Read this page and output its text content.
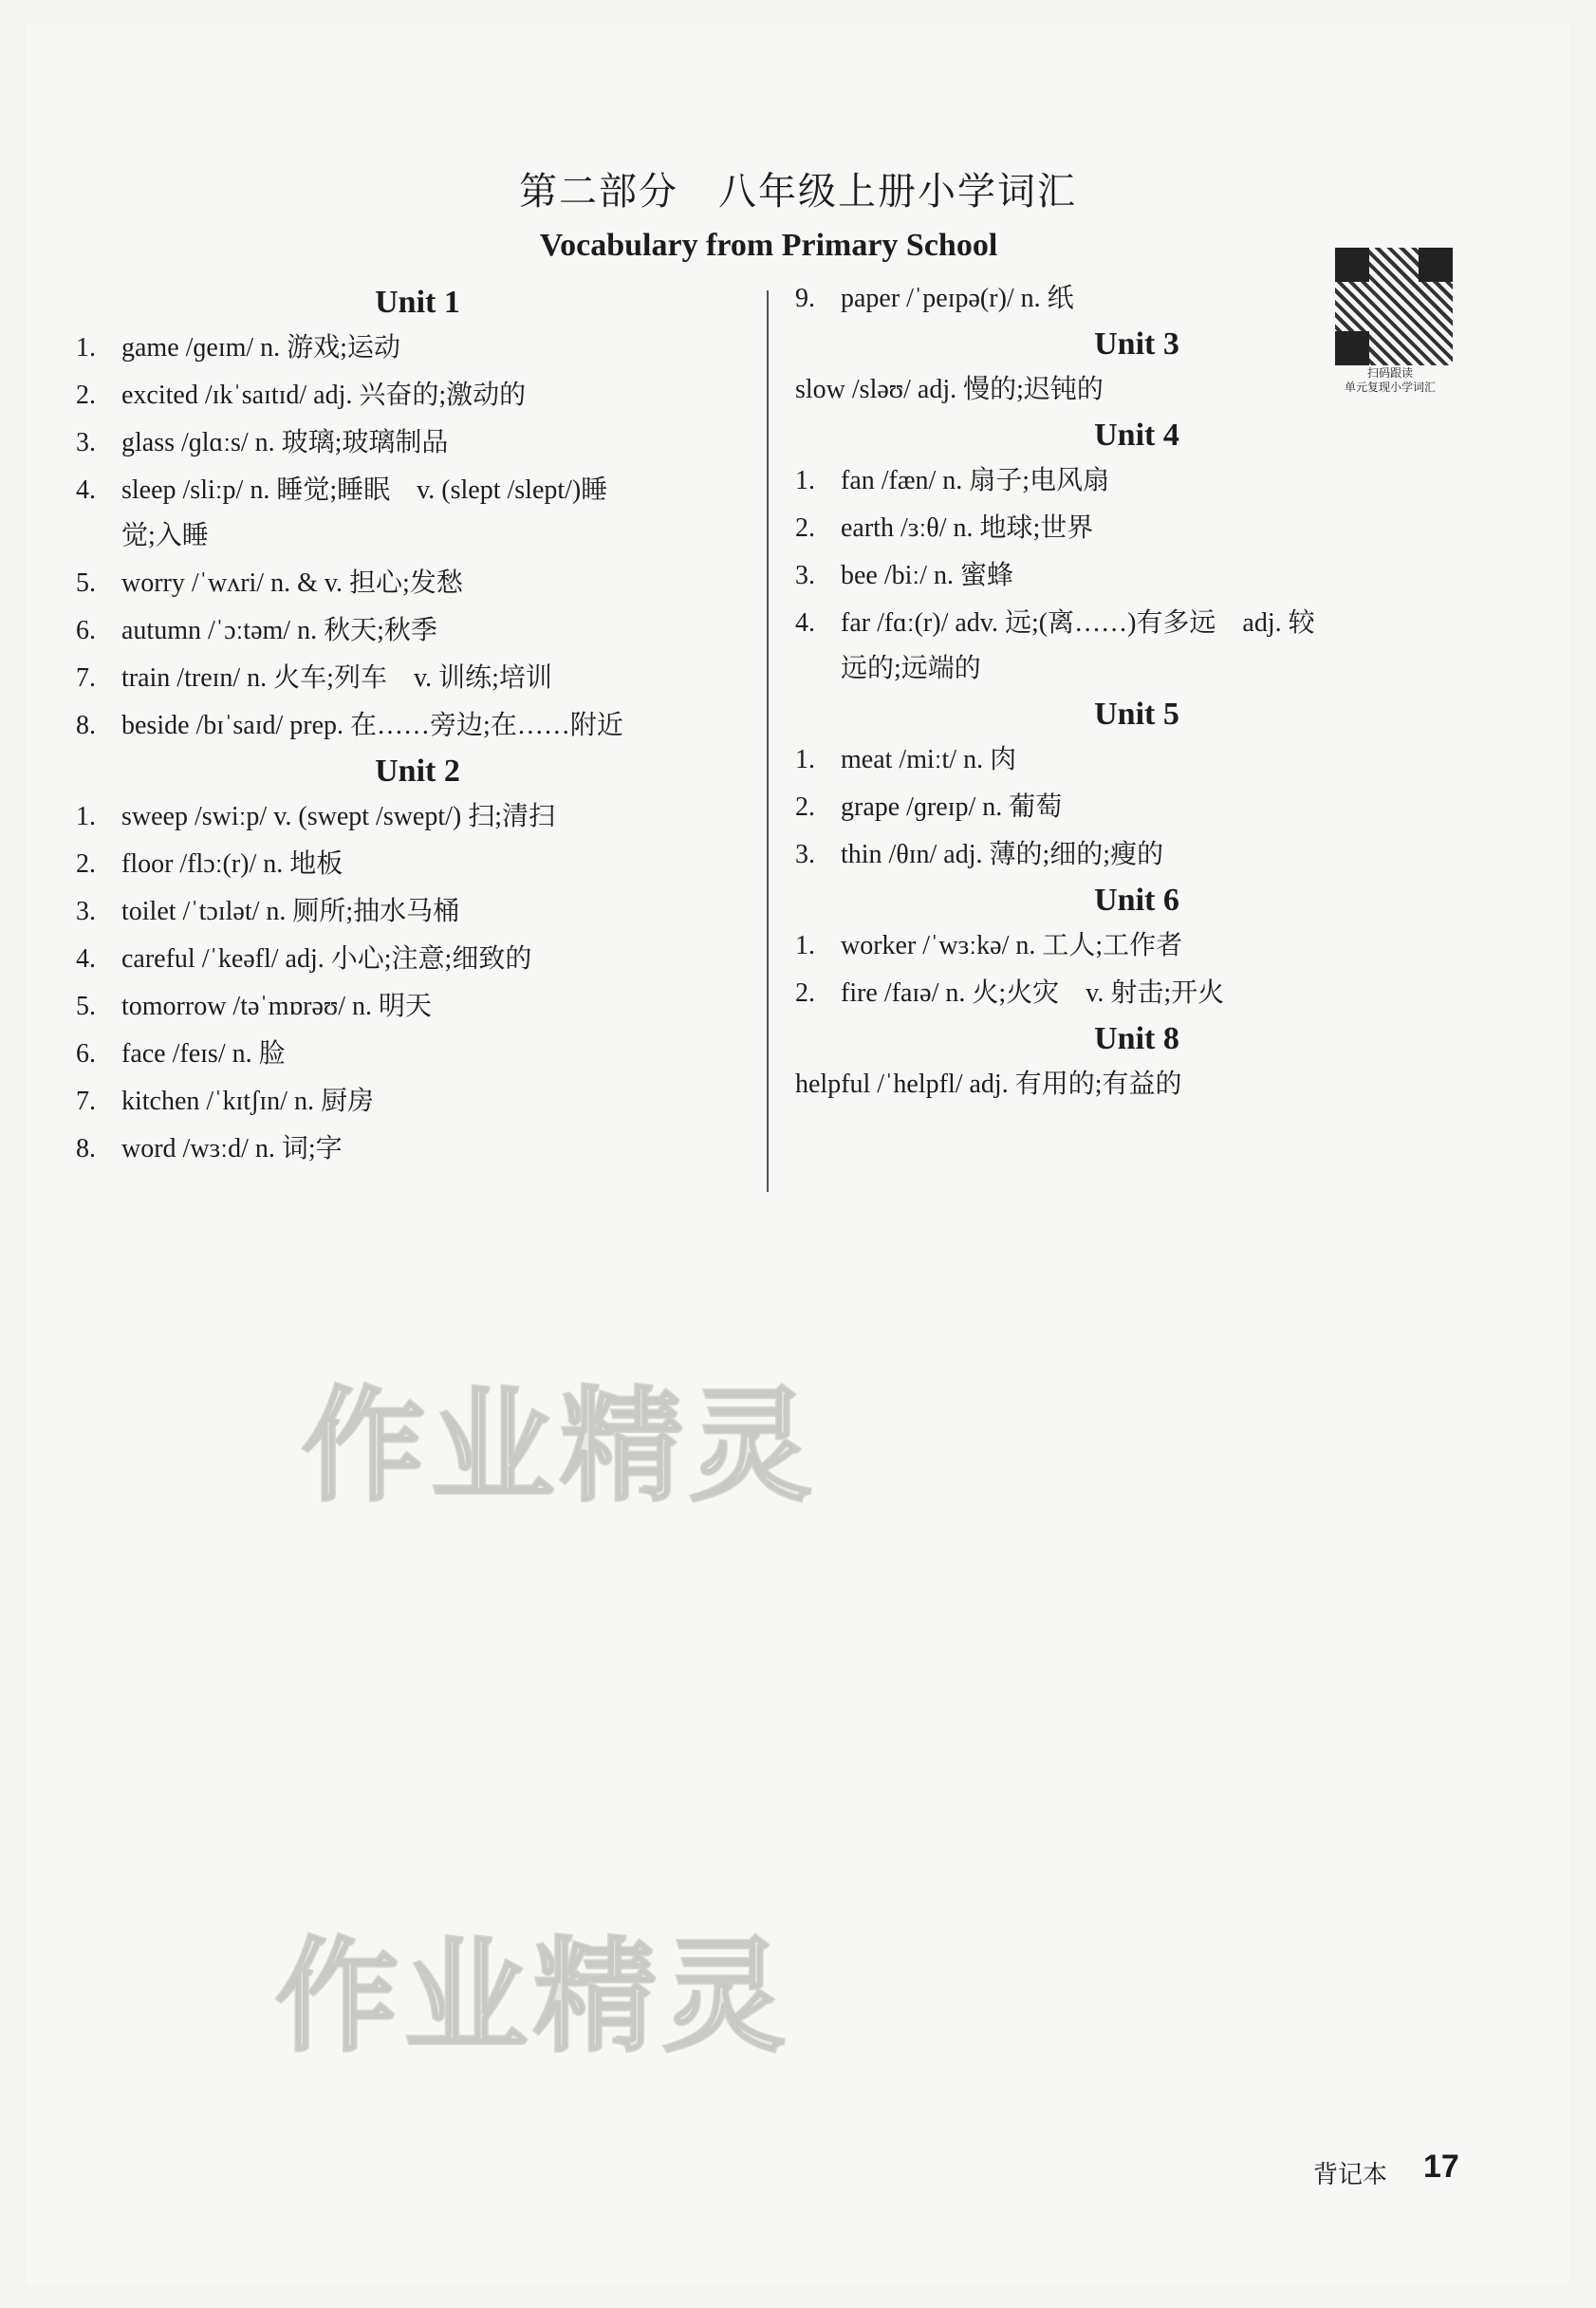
第二部分　八年级上册小学词汇
Vocabulary from Primary School
扫码跟读
单元复现小学词汇
Unit 1
1. game /ɡeɪm/ n. 游戏;运动
2. excited /ɪkˈsaɪtɪd/ adj. 兴奋的;激动的
3. glass /ɡlɑːs/ n. 玻璃;玻璃制品
4. sleep /sliːp/ n. 睡觉;睡眠　v. (slept /slept/)睡
觉;入睡
5. worry /ˈwʌri/ n. & v. 担心;发愁
6. autumn /ˈɔːtəm/ n. 秋天;秋季
7. train /treɪn/ n. 火车;列车　v. 训练;培训
8. beside /bɪˈsaɪd/ prep. 在……旁边;在……附近
Unit 2
1. sweep /swiːp/ v. (swept /swept/) 扫;清扫
2. floor /flɔː(r)/ n. 地板
3. toilet /ˈtɔɪlət/ n. 厕所;抽水马桶
4. careful /ˈkeəfl/ adj. 小心;注意;细致的
5. tomorrow /təˈmɒrəʊ/ n. 明天
6. face /feɪs/ n. 脸
7. kitchen /ˈkɪtʃɪn/ n. 厨房
8. word /wɜːd/ n. 词;字
9. paper /ˈpeɪpə(r)/ n. 纸
Unit 3
slow /sləʊ/ adj. 慢的;迟钝的
Unit 4
1. fan /fæn/ n. 扇子;电风扇
2. earth /ɜːθ/ n. 地球;世界
3. bee /biː/ n. 蜜蜂
4. far /fɑː(r)/ adv. 远;(离……)有多远　adj. 较
远的;远端的
Unit 5
1. meat /miːt/ n. 肉
2. grape /ɡreɪp/ n. 葡萄
3. thin /θɪn/ adj. 薄的;细的;瘦的
Unit 6
1. worker /ˈwɜːkə/ n. 工人;工作者
2. fire /faɪə/ n. 火;火灾　v. 射击;开火
Unit 8
helpful /ˈhelpfl/ adj. 有用的;有益的
作业精灵
作业精灵
背记本 17
